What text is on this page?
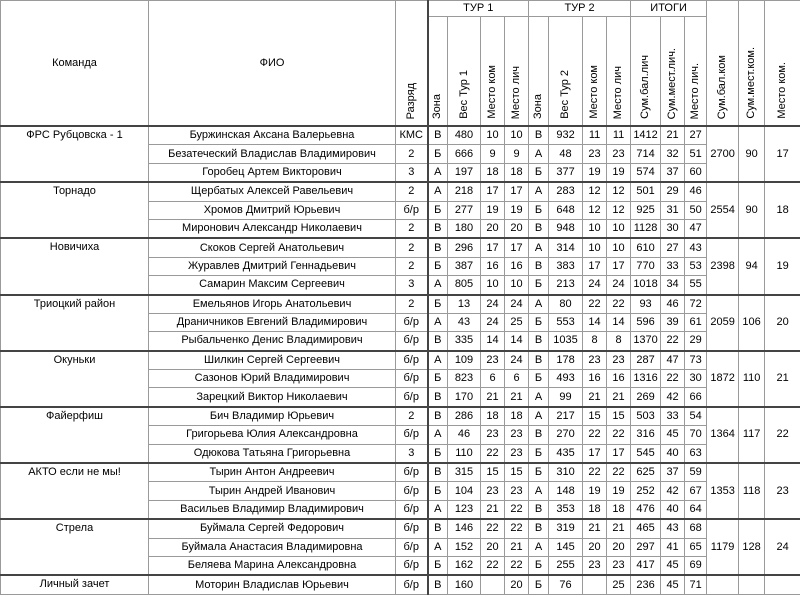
Команда	ФИО	Разряд	ТУР 1				ТУР 2				ИТОГИ			Сум.бал.ком	Сум.мест.ком.	Место ком.
			Зона	Вес Тур 1	Место ком	Место лич	Зона	Вес Тур 2	Место ком	Место лич	Сум.бал.лич	Сум.мест.лич.	Место лич.			
ФРС Рубцовска - 1	Буржинская Аксана Валерьевна	КМС	В	480	10	10	В	932	11	11	1412	21	27	2700	90	17
	Безатеческий Владислав Владимирович	2	Б	666	9	9	А	48	23	23	714	32	51			
	Горобец Артем Викторович	3	А	197	18	18	Б	377	19	19	574	37	60			
Торнадо	Щербатых Алексей Равельевич	2	А	218	17	17	А	283	12	12	501	29	46	2554	90	18
	Хромов Дмитрий Юрьевич	б/р	Б	277	19	19	Б	648	12	12	925	31	50			
	Миронович Александр Николаевич	2	В	180	20	20	В	948	10	10	1128	30	47			
Новичиха	Скоков Сергей Анатольевич	2	В	296	17	17	А	314	10	10	610	27	43	2398	94	19
	Журавлев Дмитрий Геннадьевич	2	Б	387	16	16	В	383	17	17	770	33	53			
	Самарин Максим Сергеевич	3	А	805	10	10	Б	213	24	24	1018	34	55			
Триоцкий район	Емельянов Игорь Анатольевич	2	Б	13	24	24	А	80	22	22	93	46	72	2059	106	20
	Драничников Евгений Владимирович	б/р	А	43	24	25	Б	553	14	14	596	39	61			
	Рыбальченко Денис Владимирович	б/р	В	335	14	14	В	1035	8	8	1370	22	29			
Окуньки	Шилкин Сергей Сергеевич	б/р	А	109	23	24	В	178	23	23	287	47	73	1872	110	21
	Сазонов Юрий Владимирович	б/р	Б	823	6	6	Б	493	16	16	1316	22	30			
	Зарецкий Виктор Николаевич	б/р	В	170	21	21	А	99	21	21	269	42	66			
Файерфиш	Бич Владимир Юрьевич	2	В	286	18	18	А	217	15	15	503	33	54	1364	117	22
	Григорьева Юлия Александровна	б/р	А	46	23	23	В	270	22	22	316	45	70			
	Одюкова Татьяна Григорьевна	3	Б	110	22	23	Б	435	17	17	545	40	63			
АКТО если не мы!	Тырин Антон Андреевич	б/р	В	315	15	15	Б	310	22	22	625	37	59	1353	118	23
	Тырин Андрей Иванович	б/р	Б	104	23	23	А	148	19	19	252	42	67			
	Васильев Владимир Владимирович	б/р	А	123	21	22	В	353	18	18	476	40	64			
Стрела	Буймала Сергей Федорович	б/р	В	146	22	22	В	319	21	21	465	43	68	1179	128	24
	Буймала Анастасия Владимировна	б/р	А	152	20	21	А	145	20	20	297	41	65			
	Беляева Марина Александровна	б/р	Б	162	22	22	Б	255	23	23	417	45	69			
Личный зачет	Моторин Владислав Юрьевич	б/р	В	160		20	Б	76		25	236	45	71			
